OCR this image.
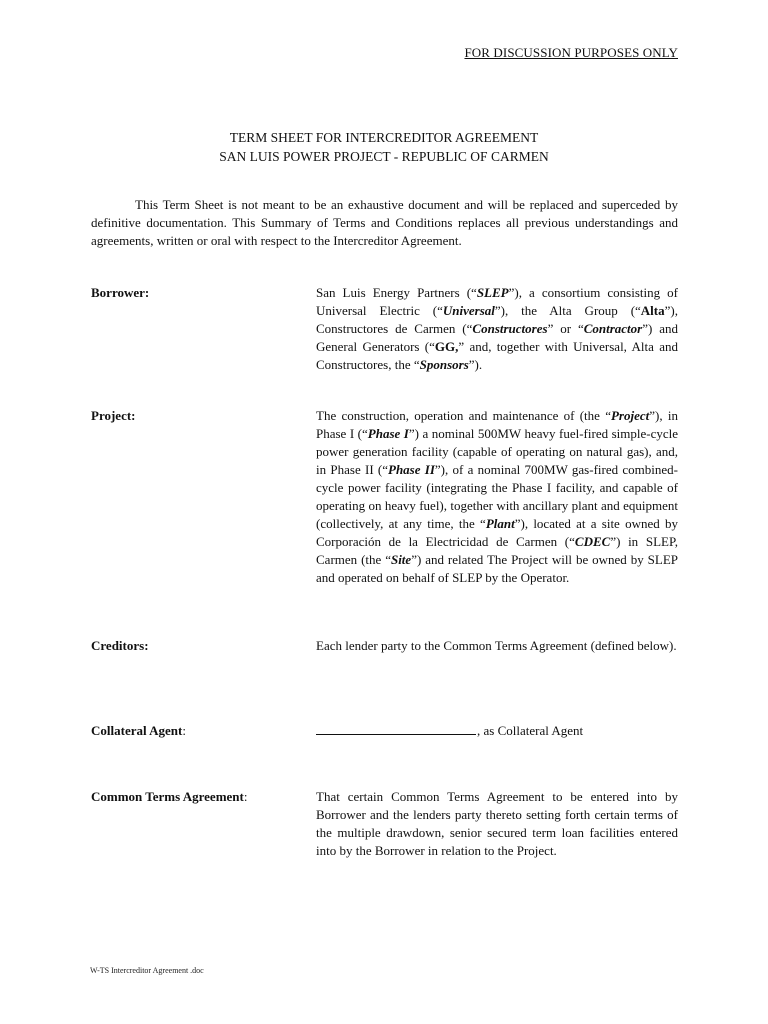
FOR DISCUSSION PURPOSES ONLY
TERM SHEET FOR INTERCREDITOR AGREEMENT
SAN LUIS POWER PROJECT - REPUBLIC OF CARMEN
This Term Sheet is not meant to be an exhaustive document and will be replaced and superceded by definitive documentation. This Summary of Terms and Conditions replaces all previous understandings and agreements, written or oral with respect to the Intercreditor Agreement.
Borrower:	San Luis Energy Partners (“SLEP”), a consortium consisting of Universal Electric (“Universal”), the Alta Group (“Alta”), Constructores de Carmen (“Constructores” or “Contractor”) and General Generators (“GG,” and, together with Universal, Alta and Constructores, the “Sponsors”).
Project:	The construction, operation and maintenance of (the “Project”), in Phase I (“Phase I”) a nominal 500MW heavy fuel-fired simple-cycle power generation facility (capable of operating on natural gas), and, in Phase II (“Phase II”), of a nominal 700MW gas-fired combined-cycle power facility (integrating the Phase I facility, and capable of operating on heavy fuel), together with ancillary plant and equipment (collectively, at any time, the “Plant”), located at a site owned by Corporación de la Electricidad de Carmen (“CDEC”) in SLEP, Carmen (the “Site”) and related The Project will be owned by SLEP and operated on behalf of SLEP by the Operator.
Creditors:	Each lender party to the Common Terms Agreement (defined below).
Collateral Agent:	, as Collateral Agent
Common Terms Agreement:	That certain Common Terms Agreement to be entered into by Borrower and the lenders party thereto setting forth certain terms of the multiple drawdown, senior secured term loan facilities entered into by the Borrower in relation to the Project.
W-TS Intercreditor Agreement .doc
